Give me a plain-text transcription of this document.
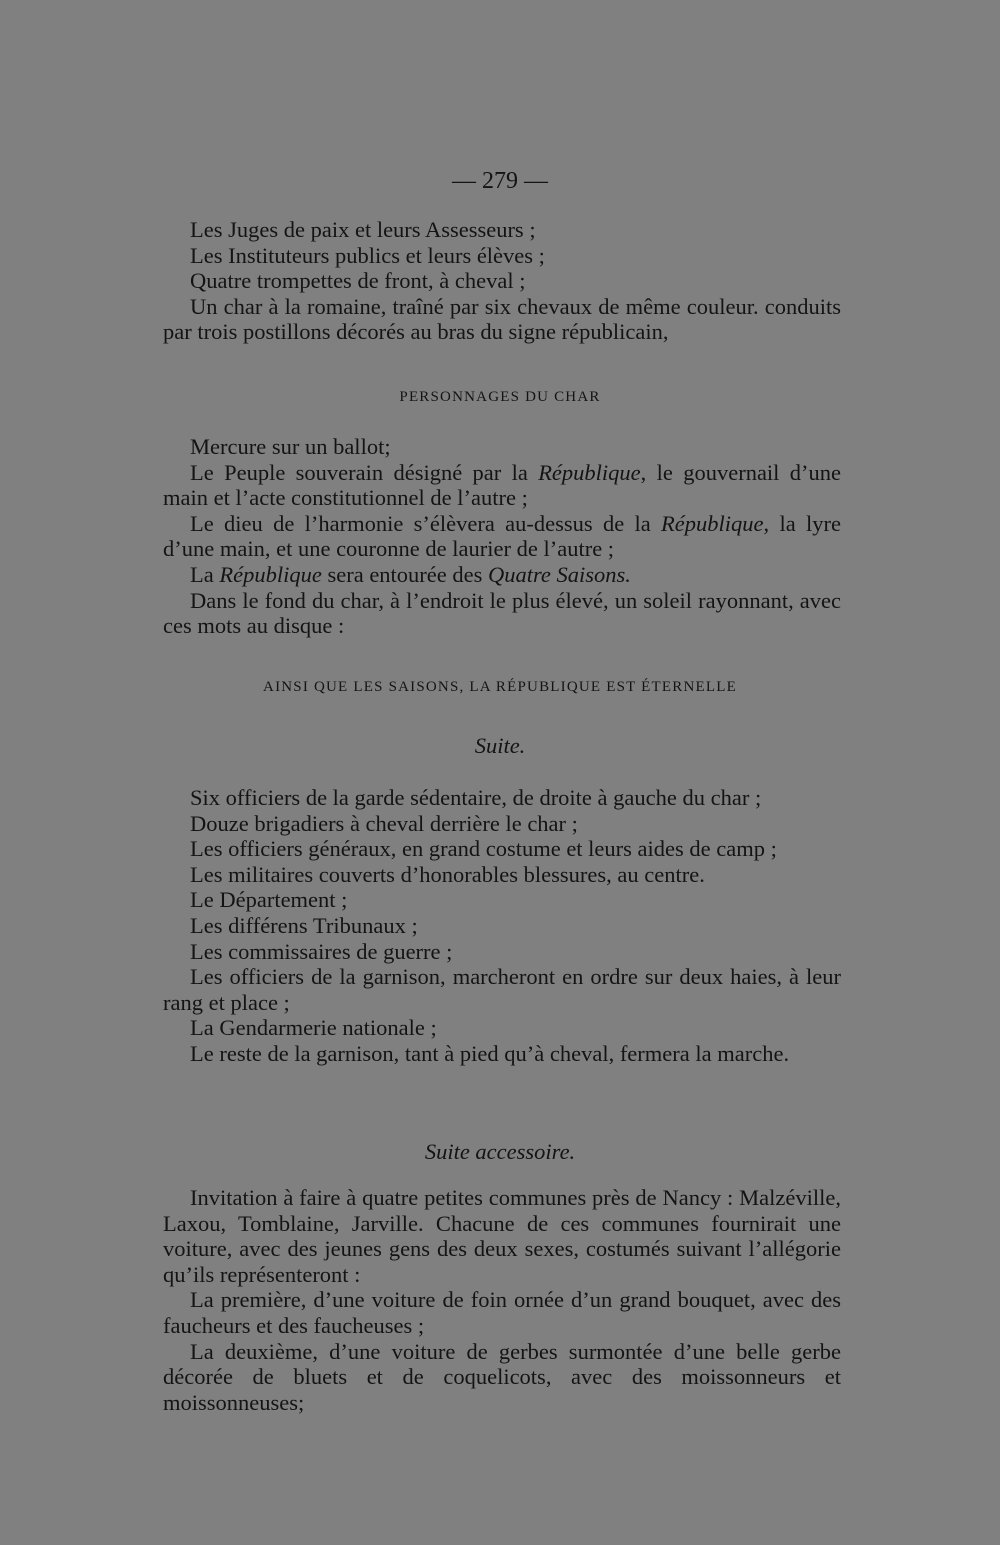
— 279 —

Les Juges de paix et leurs Assesseurs ;

Les Instituteurs publics et leurs élèves ;

Quatre trompettes de front, à cheval ;

Un char à la romaine, traîné par six chevaux de même couleur. conduits par trois postillons décorés au bras du signe républicain,

PERSONNAGES DU CHAR

Mercure sur un ballot;

Le Peuple souverain désigné par la République, le gouvernail d’une main et l’acte constitutionnel de l’autre ;

Le dieu de l’harmonie s’élèvera au-dessus de la République, la lyre d’une main, et une couronne de laurier de l’autre ;

La République sera entourée des Quatre Saisons.

Dans le fond du char, à l’endroit le plus élevé, un soleil rayonnant, avec ces mots au disque :

AINSI QUE LES SAISONS, LA RÉPUBLIQUE EST ÉTERNELLE
Suite.

Six officiers de la garde sédentaire, de droite à gauche du char ;

Douze brigadiers à cheval derrière le char ;

Les officiers généraux, en grand costume et leurs aides de camp ;

Les militaires couverts d’honorables blessures, au centre.

Le Département ;

Les différens Tribunaux ;

Les commissaires de guerre ;

Les officiers de la garnison, marcheront en ordre sur deux haies, à leur rang et place ;

La Gendarmerie nationale ;

Le reste de la garnison, tant à pied qu’à cheval, fermera la marche.

Suite accessoire.

Invitation à faire à quatre petites communes près de Nancy : Malzéville, Laxou, Tomblaine, Jarville. Chacune de ces communes fournirait une voiture, avec des jeunes gens des deux sexes, costumés suivant l’allégorie qu’ils représenteront :

La première, d’une voiture de foin ornée d’un grand bouquet, avec des faucheurs et des faucheuses ;

La deuxième, d’une voiture de gerbes surmontée d’une belle gerbe décorée de bluets et de coquelicots, avec des moissonneurs et moissonneuses;
